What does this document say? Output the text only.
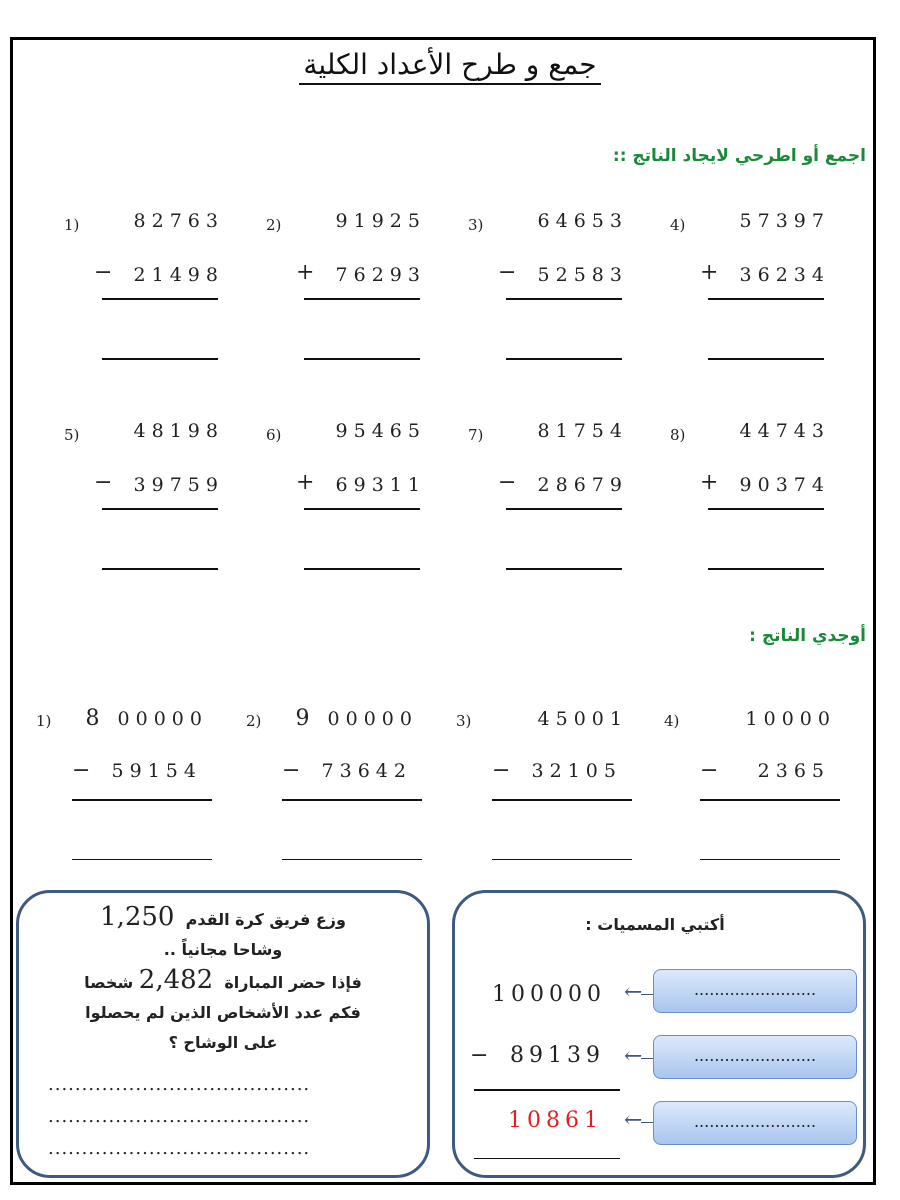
جمع و طرح الأعداد الكلية
اجمع أو اطرحي لايجاد الناتج ::
1)	82763
− 21498
2)	91925
+ 76293
3)	64653
− 52583
4)	57397
+ 36234
5)	48198
− 39759
6)	95465
+ 69311
7)	81754
− 28679
8)	44743
+ 90374
أوجدي الناتج :
1) 8 00000
− 59154
2) 9 00000
− 73642
3)	45001
− 32105
4)	10000
− 2365
وزع فريق كرة القدم  1,250
وشاحا مجانياً ..
فإذا حضر المباراة  2,482 شخصا
فكم عدد الأشخاص الذين لم يحصلوا
على الوشاح ؟
.......................................
.......................................
.......................................
أكتبي المسميات :
100000
− 89139
10861
←
←
←
........................
........................
........................
